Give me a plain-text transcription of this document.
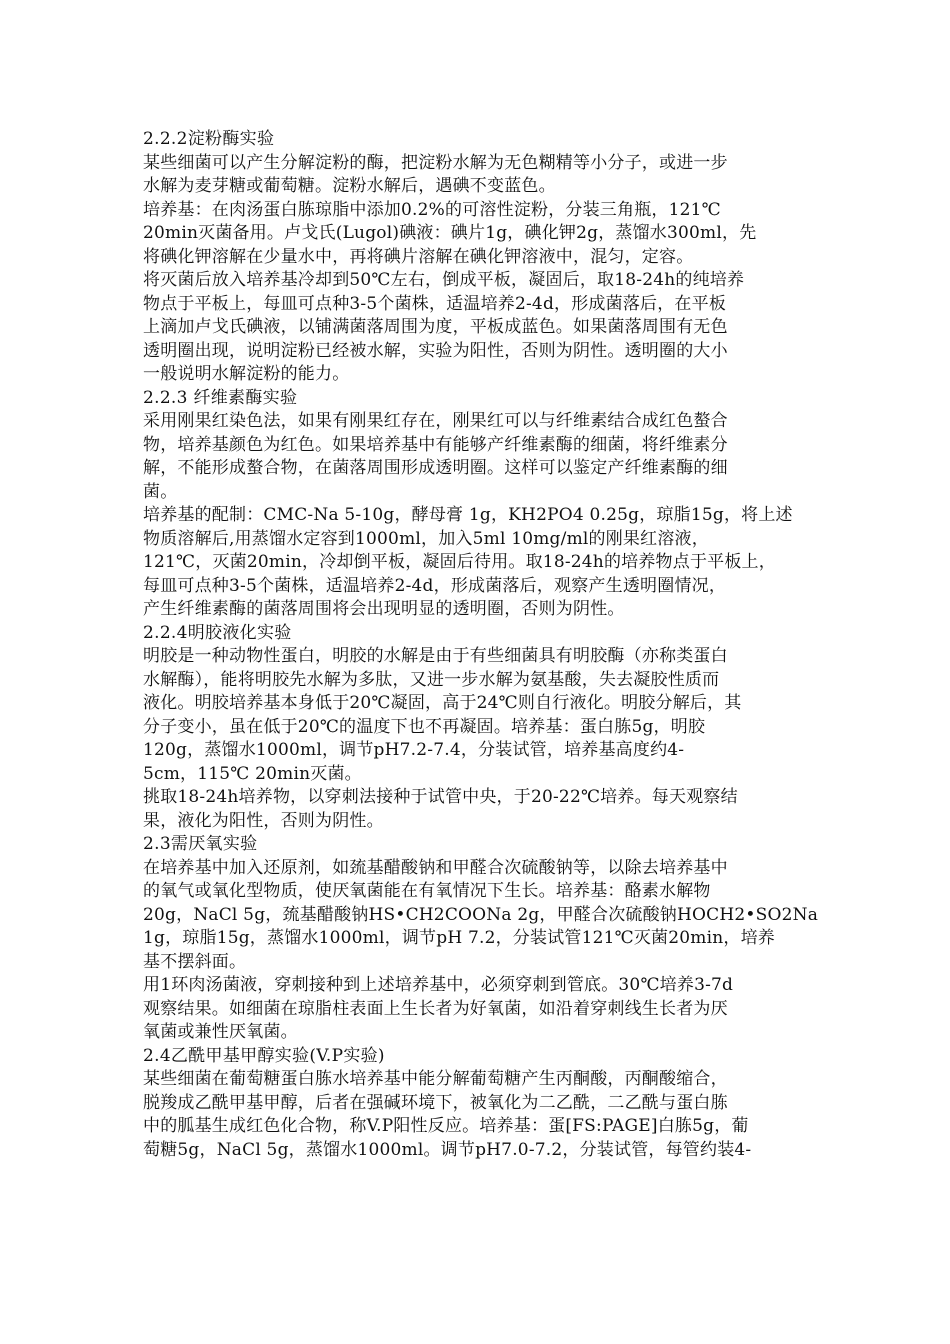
2.2.2淀粉酶实验
某些细菌可以产生分解淀粉的酶，把淀粉水解为无色糊精等小分子，或进一步
水解为麦芽糖或葡萄糖。淀粉水解后，遇碘不变蓝色。
培养基：在肉汤蛋白胨琼脂中添加0.2%的可溶性淀粉，分装三角瓶，121℃
20min灭菌备用。卢戈氏(Lugol)碘液：碘片1g，碘化钾2g，蒸馏水300ml，先
将碘化钾溶解在少量水中，再将碘片溶解在碘化钾溶液中，混匀，定容。
将灭菌后放入培养基冷却到50℃左右，倒成平板，凝固后，取18-24h的纯培养
物点于平板上，每皿可点种3-5个菌株，适温培养2-4d，形成菌落后，在平板
上滴加卢戈氏碘液，以铺满菌落周围为度，平板成蓝色。如果菌落周围有无色
透明圈出现，说明淀粉已经被水解，实验为阳性，否则为阴性。透明圈的大小
一般说明水解淀粉的能力。
2.2.3 纤维素酶实验
采用刚果红染色法，如果有刚果红存在，刚果红可以与纤维素结合成红色螯合
物，培养基颜色为红色。如果培养基中有能够产纤维素酶的细菌，将纤维素分
解，不能形成螯合物，在菌落周围形成透明圈。这样可以鉴定产纤维素酶的细
菌。
培养基的配制：CMC-Na 5-10g，酵母膏 1g，KH2PO4 0.25g，琼脂15g，将上述
物质溶解后,用蒸馏水定容到1000ml，加入5ml 10mg/ml的刚果红溶液，
121℃，灭菌20min，冷却倒平板，凝固后待用。取18-24h的培养物点于平板上，
每皿可点种3-5个菌株，适温培养2-4d，形成菌落后，观察产生透明圈情况，
产生纤维素酶的菌落周围将会出现明显的透明圈，否则为阴性。
2.2.4明胶液化实验
明胶是一种动物性蛋白，明胶的水解是由于有些细菌具有明胶酶（亦称类蛋白
水解酶），能将明胶先水解为多肽，又进一步水解为氨基酸，失去凝胶性质而
液化。明胶培养基本身低于20℃凝固，高于24℃则自行液化。明胶分解后，其
分子变小，虽在低于20℃的温度下也不再凝固。培养基：蛋白胨5g，明胶
120g，蒸馏水1000ml，调节pH7.2-7.4，分装试管，培养基高度约4-
5cm，115℃ 20min灭菌。
挑取18-24h培养物，以穿刺法接种于试管中央，于20-22℃培养。每天观察结
果，液化为阳性，否则为阴性。
2.3需厌氧实验
在培养基中加入还原剂，如巯基醋酸钠和甲醛合次硫酸钠等，以除去培养基中
的氧气或氧化型物质，使厌氧菌能在有氧情况下生长。培养基：酪素水解物
20g，NaCl 5g，巯基醋酸钠HS•CH2COONa 2g，甲醛合次硫酸钠HOCH2•SO2Na
1g，琼脂15g，蒸馏水1000ml，调节pH 7.2，分装试管121℃灭菌20min，培养
基不摆斜面。
用1环肉汤菌液，穿刺接种到上述培养基中，必须穿刺到管底。30℃培养3-7d
观察结果。如细菌在琼脂柱表面上生长者为好氧菌，如沿着穿刺线生长者为厌
氧菌或兼性厌氧菌。
2.4乙酰甲基甲醇实验(V.P实验)
某些细菌在葡萄糖蛋白胨水培养基中能分解葡萄糖产生丙酮酸，丙酮酸缩合，
脱羧成乙酰甲基甲醇，后者在强碱环境下，被氧化为二乙酰，二乙酰与蛋白胨
中的胍基生成红色化合物，称V.P阳性反应。培养基：蛋[FS:PAGE]白胨5g，葡
萄糖5g，NaCl 5g，蒸馏水1000ml。调节pH7.0-7.2，分装试管，每管约装4-
